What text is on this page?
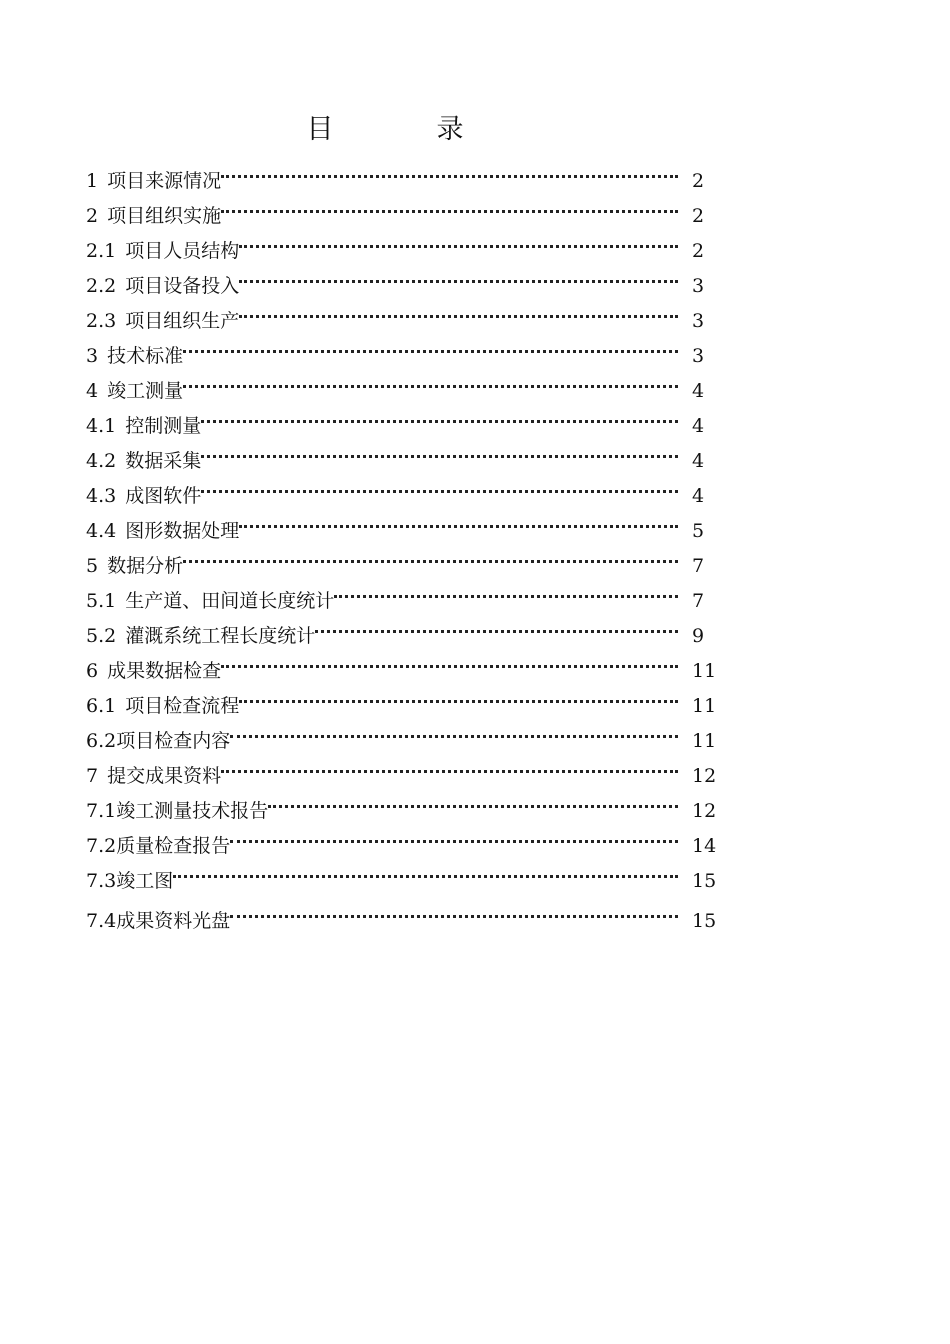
目　录
1 项目来源情况	2
2 项目组织实施	2
2.1 项目人员结构	2
2.2 项目设备投入	3
2.3 项目组织生产	3
3 技术标准	3
4 竣工测量	4
4.1 控制测量	4
4.2 数据采集	4
4.3 成图软件	4
4.4 图形数据处理	5
5 数据分析	7
5.1 生产道、田间道长度统计	7
5.2 灌溉系统工程长度统计	9
6 成果数据检查	11
6.1 项目检查流程	11
6.2 项目检查内容	11
7 提交成果资料	12
7.1 竣工测量技术报告	12
7.2 质量检查报告	14
7.3 竣工图	15
7.4 成果资料光盘	15
